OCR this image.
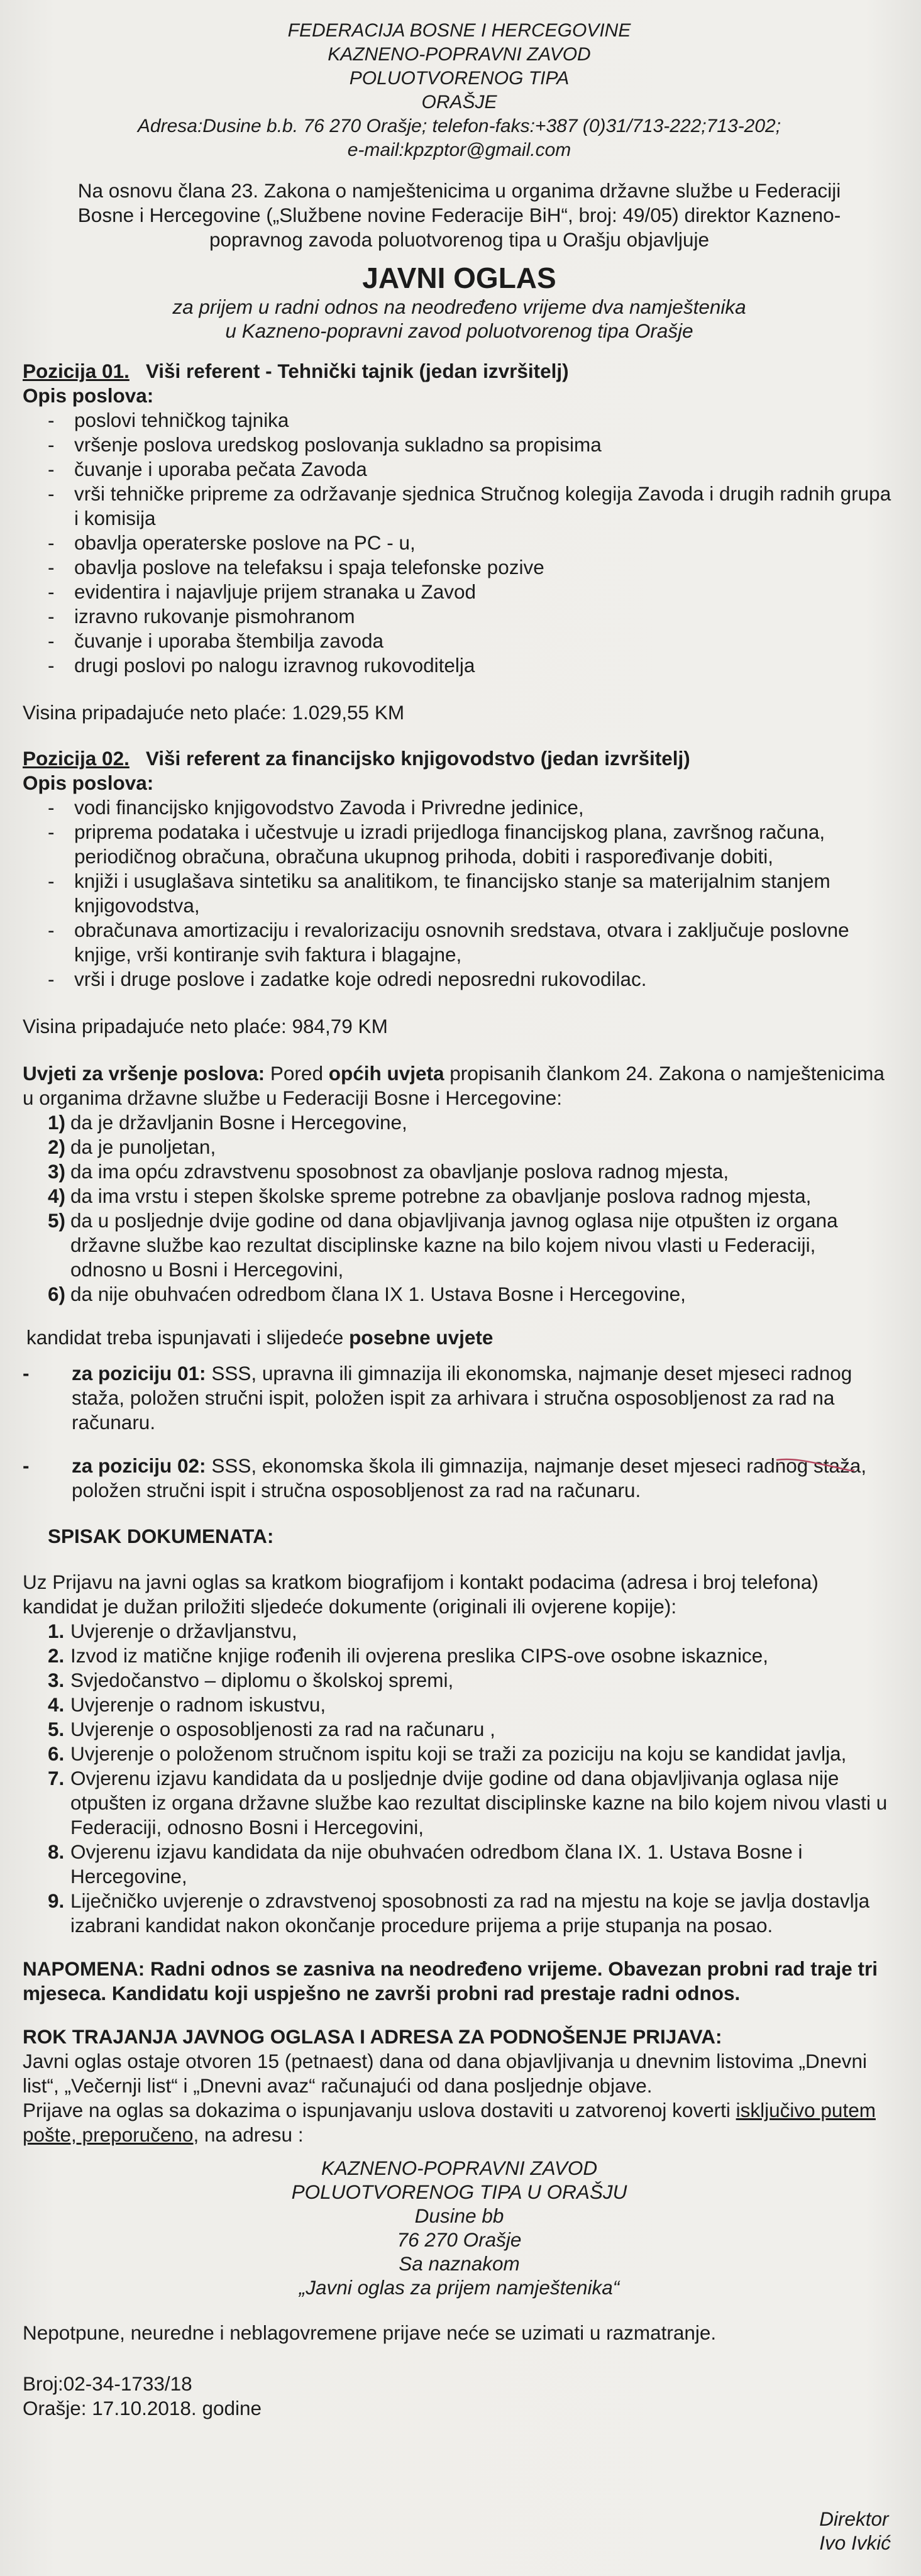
FEDERACIJA BOSNE I HERCEGOVINE
KAZNENO-POPRAVNI ZAVOD
POLUOTVORENOG TIPA
ORAŠJE
Adresa:Dusine b.b. 76 270 Orašje; telefon-faks:+387 (0)31/713-222;713-202;
e-mail:kpzptor@gmail.com
Na osnovu člana 23. Zakona o namještenicima u organima državne službe u Federaciji
Bosne i Hercegovine („Službene novine Federacije BiH“, broj: 49/05) direktor Kazneno-
popravnog zavoda poluotvorenog tipa u Orašju objavljuje
JAVNI OGLAS
za prijem u radni odnos na neodređeno vrijeme dva namještenika
u Kazneno-popravni zavod poluotvorenog tipa Orašje
Pozicija 01. Viši referent - Tehnički tajnik (jedan izvršitelj)
Opis poslova:
- poslovi tehničkog tajnika
- vršenje poslova uredskog poslovanja sukladno sa propisima
- čuvanje i uporaba pečata Zavoda
- vrši tehničke pripreme za održavanje sjednica Stručnog kolegija Zavoda i drugih radnih grupa i komisija
- obavlja operaterske poslove na PC - u,
- obavlja poslove na telefaksu i spaja telefonske pozive
- evidentira i najavljuje prijem stranaka u Zavod
- izravno rukovanje pismohranom
- čuvanje i uporaba štembilja zavoda
- drugi poslovi po nalogu izravnog rukovoditelja
Visina pripadajuće neto plaće: 1.029,55 KM
Pozicija 02. Viši referent za financijsko knjigovodstvo (jedan izvršitelj)
Opis poslova:
- vodi financijsko knjigovodstvo Zavoda i Privredne jedinice,
- priprema podataka i učestvuje u izradi prijedloga financijskog plana, završnog računa, periodičnog obračuna, obračuna ukupnog prihoda, dobiti i raspoređivanje dobiti,
- knjiži i usuglašava sintetiku sa analitikom, te financijsko stanje sa materijalnim stanjem knjigovodstva,
- obračunava amortizaciju i revalorizaciju osnovnih sredstava, otvara i zaključuje poslovne knjige, vrši kontiranje svih faktura i blagajne,
- vrši i druge poslove i zadatke koje odredi neposredni rukovodilac.
Visina pripadajuće neto plaće: 984,79 KM
Uvjeti za vršenje poslova: Pored općih uvjeta propisanih člankom 24. Zakona o namještenicima u organima državne službe u Federaciji Bosne i Hercegovine:
1) da je državljanin Bosne i Hercegovine,
2) da je punoljetan,
3) da ima opću zdravstvenu sposobnost za obavljanje poslova radnog mjesta,
4) da ima vrstu i stepen školske spreme potrebne za obavljanje poslova radnog mjesta,
5) da u posljednje dvije godine od dana objavljivanja javnog oglasa nije otpušten iz organa državne službe kao rezultat disciplinske kazne na bilo kojem nivou vlasti u Federaciji, odnosno u Bosni i Hercegovini,
6) da nije obuhvaćen odredbom člana IX 1. Ustava Bosne i Hercegovine,
kandidat treba ispunjavati i slijedeće posebne uvjete
- za poziciju 01: SSS, upravna ili gimnazija ili ekonomska, najmanje deset mjeseci radnog staža, položen stručni ispit, položen ispit za arhivara i stručna osposobljenost za rad na računaru.
- za poziciju 02: SSS, ekonomska škola ili gimnazija, najmanje deset mjeseci radnog staža, položen stručni ispit i stručna osposobljenost za rad na računaru.
SPISAK DOKUMENATA:
Uz Prijavu na javni oglas sa kratkom biografijom i kontakt podacima (adresa i broj telefona) kandidat je dužan priložiti sljedeće dokumente (originali ili ovjerene kopije):
1. Uvjerenje o državljanstvu,
2. Izvod iz matične knjige rođenih ili ovjerena preslika CIPS-ove osobne iskaznice,
3. Svjedočanstvo – diplomu o školskoj spremi,
4. Uvjerenje o radnom iskustvu,
5. Uvjerenje o osposobljenosti za rad na računaru ,
6. Uvjerenje o položenom stručnom ispitu koji se traži za poziciju na koju se kandidat javlja,
7. Ovjerenu izjavu kandidata da u posljednje dvije godine od dana objavljivanja oglasa nije otpušten iz organa državne službe kao rezultat disciplinske kazne na bilo kojem nivou vlasti u Federaciji, odnosno Bosni i Hercegovini,
8. Ovjerenu izjavu kandidata da nije obuhvaćen odredbom člana IX. 1. Ustava Bosne i Hercegovine,
9. Liječničko uvjerenje o zdravstvenoj sposobnosti za rad na mjestu na koje se javlja dostavlja izabrani kandidat nakon okončanje procedure prijema a prije stupanja na posao.
NAPOMENA: Radni odnos se zasniva na neodređeno vrijeme. Obavezan probni rad traje tri mjeseca. Kandidatu koji uspješno ne završi probni rad prestaje radni odnos.
ROK TRAJANJA JAVNOG OGLASA I ADRESA ZA PODNOŠENJE PRIJAVA:
Javni oglas ostaje otvoren 15 (petnaest) dana od dana objavljivanja u dnevnim listovima „Dnevni list“, „Večernji list“ i „Dnevni avaz“ računajući od dana posljednje objave.
Prijave na oglas sa dokazima o ispunjavanju uslova dostaviti u zatvorenoj koverti isključivo putem pošte, preporučeno, na adresu :
KAZNENO-POPRAVNI ZAVOD
POLUOTVORENOG TIPA U ORAŠJU
Dusine bb
76 270 Orašje
Sa naznakom
„Javni oglas za prijem namještenika“
Nepotpune, neuredne i neblagovremene prijave neće se uzimati u razmatranje.
Broj:02-34-1733/18
Orašje: 17.10.2018. godine
Direktor
Ivo Ivkić
